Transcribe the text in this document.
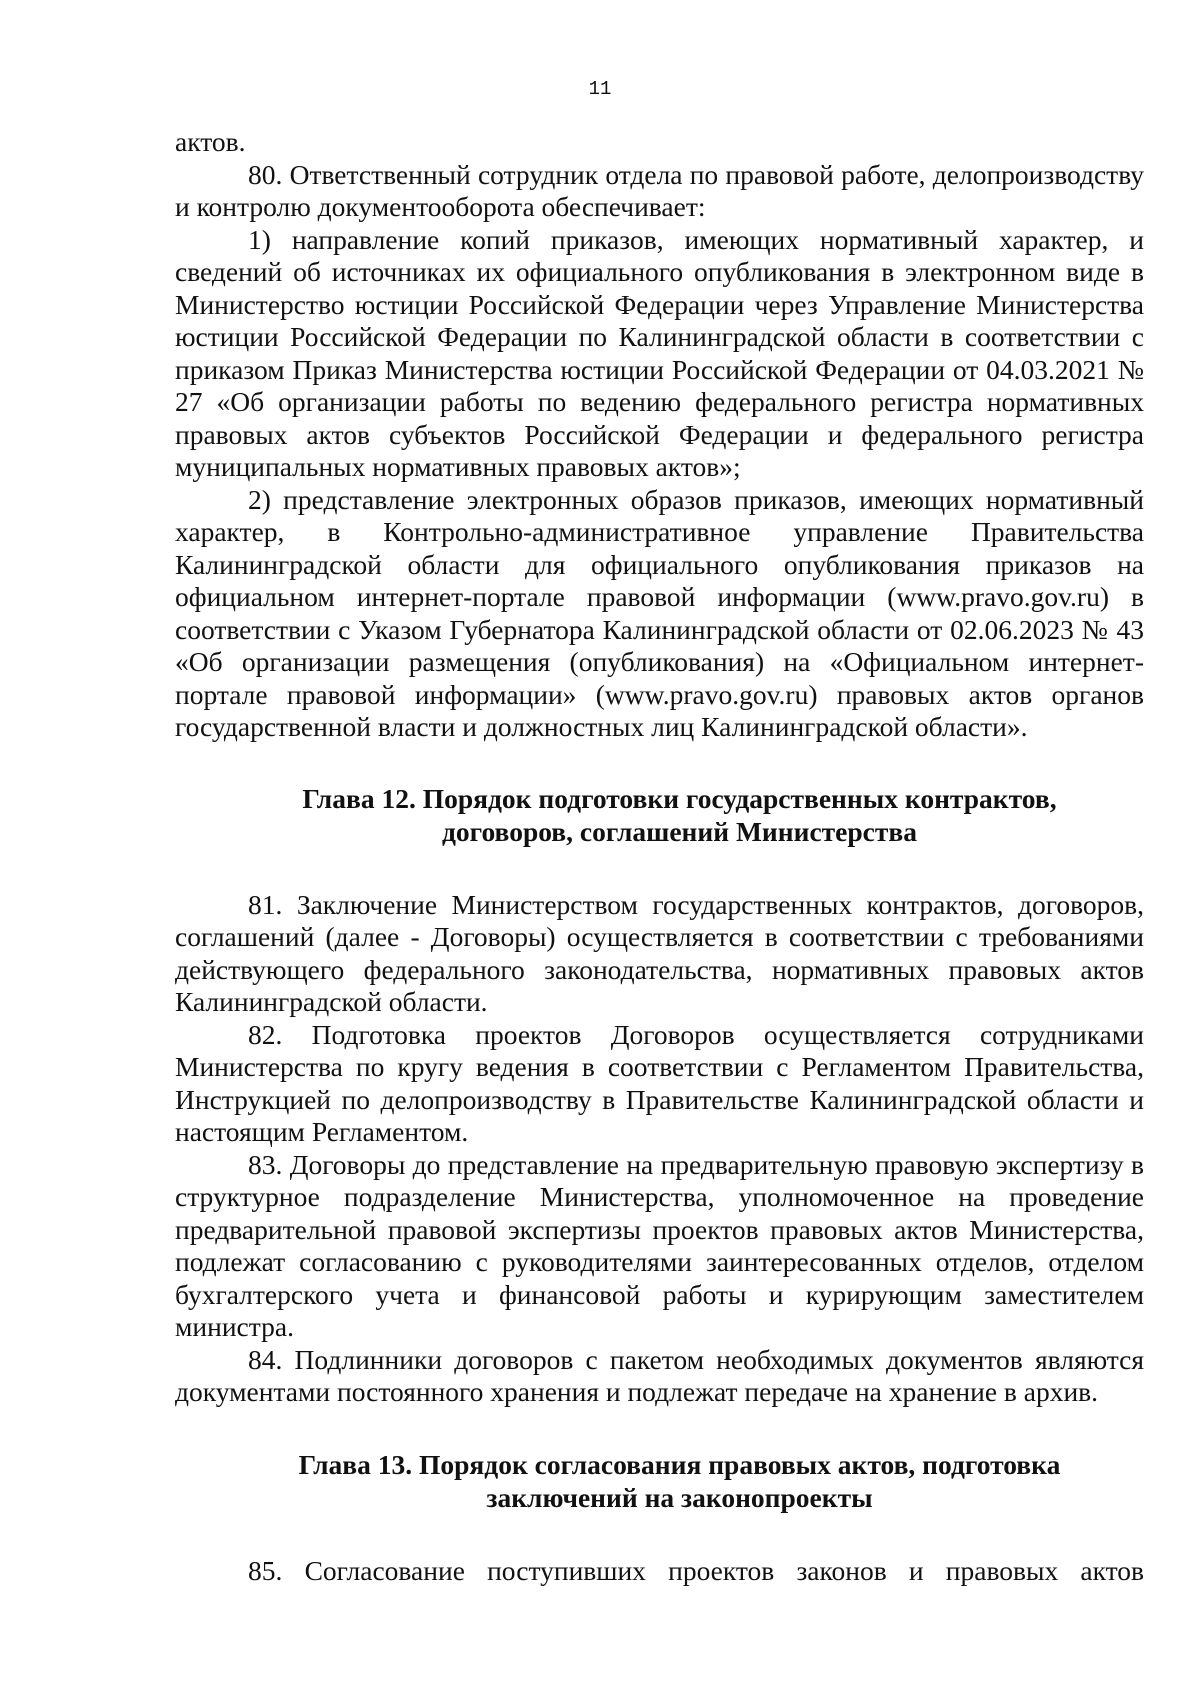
11

актов.

80. Ответственный сотрудник отдела по правовой работе, делопроизводству и контролю документооборота обеспечивает:

1) направление копий приказов, имеющих нормативный характер, и сведений об источниках их официального опубликования в электронном виде в Министерство юстиции Российской Федерации через Управление Министерства юстиции Российской Федерации по Калининградской области в соответствии с приказом Приказ Министерства юстиции Российской Федерации от 04.03.2021 № 27 «Об организации работы по ведению федерального регистра нормативных правовых актов субъектов Российской Федерации и федерального регистра муниципальных нормативных правовых актов»;

2) представление электронных образов приказов, имеющих нормативный характер, в Контрольно-административное управление Правительства Калининградской области для официального опубликования приказов на официальном интернет-портале правовой информации (www.pravo.gov.ru) в соответствии с Указом Губернатора Калининградской области от 02.06.2023 № 43 «Об организации размещения (опубликования) на «Официальном интернет-портале правовой информации» (www.pravo.gov.ru) правовых актов органов государственной власти и должностных лиц Калининградской области».

Глава 12. Порядок подготовки государственных контрактов,
договоров, соглашений Министерства

81. Заключение Министерством государственных контрактов, договоров, соглашений (далее - Договоры) осуществляется в соответствии с требованиями действующего федерального законодательства, нормативных правовых актов Калининградской области.

82. Подготовка проектов Договоров осуществляется сотрудниками Министерства по кругу ведения в соответствии с Регламентом Правительства, Инструкцией по делопроизводству в Правительстве Калининградской области и настоящим Регламентом.

83. Договоры до представление на предварительную правовую экспертизу в структурное подразделение Министерства, уполномоченное на проведение предварительной правовой экспертизы проектов правовых актов Министерства, подлежат согласованию с руководителями заинтересованных отделов, отделом бухгалтерского учета и финансовой работы и курирующим заместителем министра.

84. Подлинники договоров с пакетом необходимых документов являются документами постоянного хранения и подлежат передаче на хранение в архив.

Глава 13. Порядок согласования правовых актов, подготовка
заключений на законопроекты

85. Согласование поступивших проектов законов и правовых актов
